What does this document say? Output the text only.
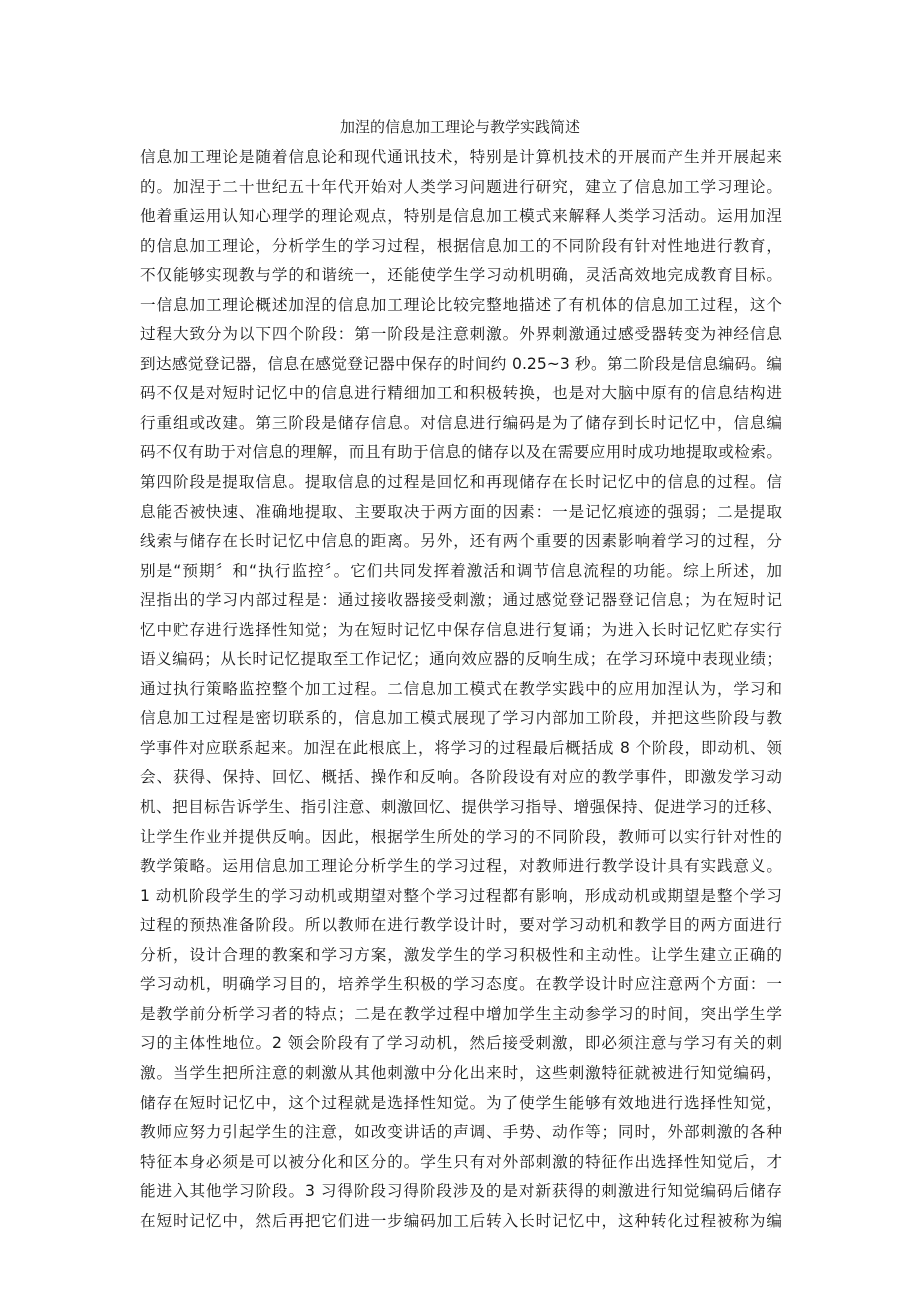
加涅的信息加工理论与教学实践简述
信息加工理论是随着信息论和现代通讯技术，特别是计算机技术的开展而产生并开展起来
的。加涅于二十世纪五十年代开始对人类学习问题进行研究，建立了信息加工学习理论。
他着重运用认知心理学的理论观点，特别是信息加工模式来解释人类学习活动。运用加涅
的信息加工理论，分析学生的学习过程，根据信息加工的不同阶段有针对性地进行教育，
不仅能够实现教与学的和谐统一，还能使学生学习动机明确，灵活高效地完成教育目标。
一信息加工理论概述加涅的信息加工理论比较完整地描述了有机体的信息加工过程，这个
过程大致分为以下四个阶段：第一阶段是注意刺激。外界刺激通过感受器转变为神经信息
到达感觉登记器，信息在感觉登记器中保存的时间约 0.25~3 秒。第二阶段是信息编码。编
码不仅是对短时记忆中的信息进行精细加工和积极转换，也是对大脑中原有的信息结构进
行重组或改建。第三阶段是储存信息。对信息进行编码是为了储存到长时记忆中，信息编
码不仅有助于对信息的理解，而且有助于信息的储存以及在需要应用时成功地提取或检索。
第四阶段是提取信息。提取信息的过程是回忆和再现储存在长时记忆中的信息的过程。信
息能否被快速、准确地提取、主要取决于两方面的因素：一是记忆痕迹的强弱；二是提取
线索与储存在长时记忆中信息的距离。另外，还有两个重要的因素影响着学习的过程，分
别是“预期〞和“执行监控〞。它们共同发挥着激活和调节信息流程的功能。综上所述，加
涅指出的学习内部过程是：通过接收器接受刺激；通过感觉登记器登记信息；为在短时记
忆中贮存进行选择性知觉；为在短时记忆中保存信息进行复诵；为进入长时记忆贮存实行
语义编码；从长时记忆提取至工作记忆；通向效应器的反响生成；在学习环境中表现业绩；
通过执行策略监控整个加工过程。二信息加工模式在教学实践中的应用加涅认为，学习和
信息加工过程是密切联系的，信息加工模式展现了学习内部加工阶段，并把这些阶段与教
学事件对应联系起来。加涅在此根底上，将学习的过程最后概括成 8 个阶段，即动机、领
会、获得、保持、回忆、概括、操作和反响。各阶段设有对应的教学事件，即激发学习动
机、把目标告诉学生、指引注意、刺激回忆、提供学习指导、增强保持、促进学习的迁移、
让学生作业并提供反响。因此，根据学生所处的学习的不同阶段，教师可以实行针对性的
教学策略。运用信息加工理论分析学生的学习过程，对教师进行教学设计具有实践意义。
1 动机阶段学生的学习动机或期望对整个学习过程都有影响，形成动机或期望是整个学习
过程的预热准备阶段。所以教师在进行教学设计时，要对学习动机和教学目的两方面进行
分析，设计合理的教案和学习方案，激发学生的学习积极性和主动性。让学生建立正确的
学习动机，明确学习目的，培养学生积极的学习态度。在教学设计时应注意两个方面：一
是教学前分析学习者的特点；二是在教学过程中增加学生主动参学习的时间，突出学生学
习的主体性地位。2 领会阶段有了学习动机，然后接受刺激，即必须注意与学习有关的刺
激。当学生把所注意的刺激从其他刺激中分化出来时，这些刺激特征就被进行知觉编码，
储存在短时记忆中，这个过程就是选择性知觉。为了使学生能够有效地进行选择性知觉，
教师应努力引起学生的注意，如改变讲话的声调、手势、动作等；同时，外部刺激的各种
特征本身必须是可以被分化和区分的。学生只有对外部刺激的特征作出选择性知觉后，才
能进入其他学习阶段。3 习得阶段习得阶段涉及的是对新获得的刺激进行知觉编码后储存
在短时记忆中，然后再把它们进一步编码加工后转入长时记忆中，这种转化过程被称为编
